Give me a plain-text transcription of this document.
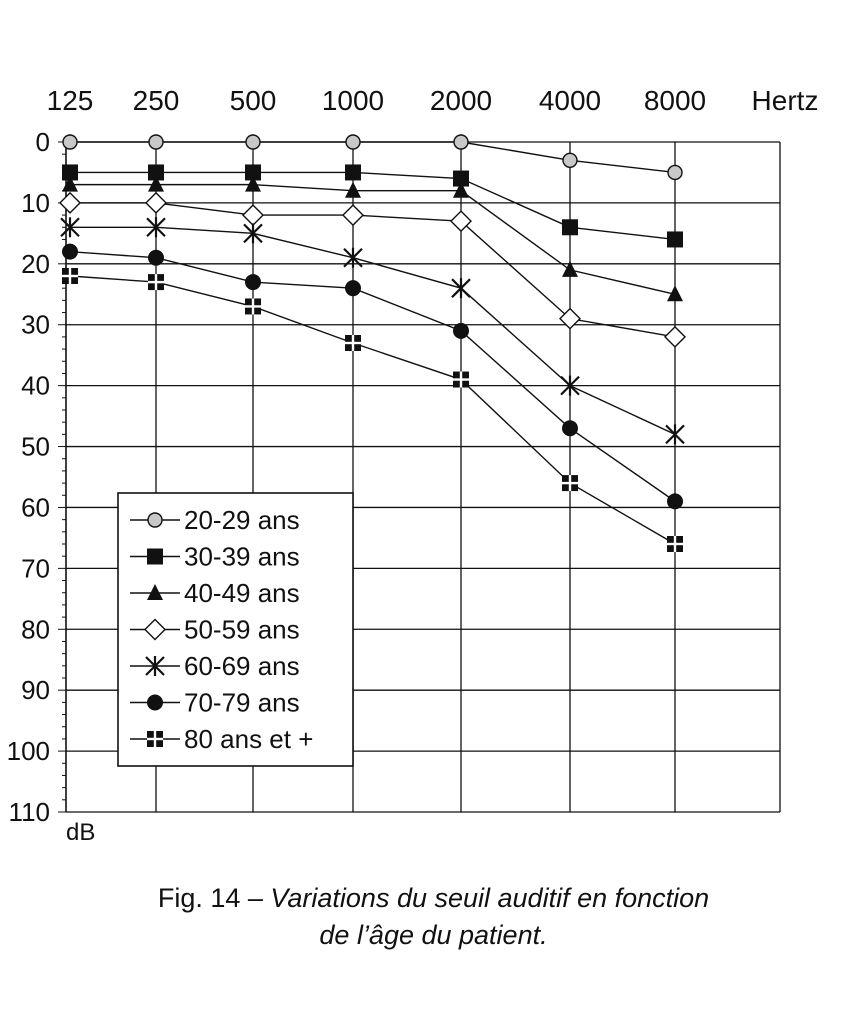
125 250 500 1000 2000 4000 8000 Hertz
0
10
20
30
40
50
60
70
80
90
100
110
dB
20-29 ans
30-39 ans
40-49 ans
50-59 ans
60-69 ans
70-79 ans
80 ans et +
Fig. 14 – Variations du seuil auditif en fonction
de l’âge du patient.
